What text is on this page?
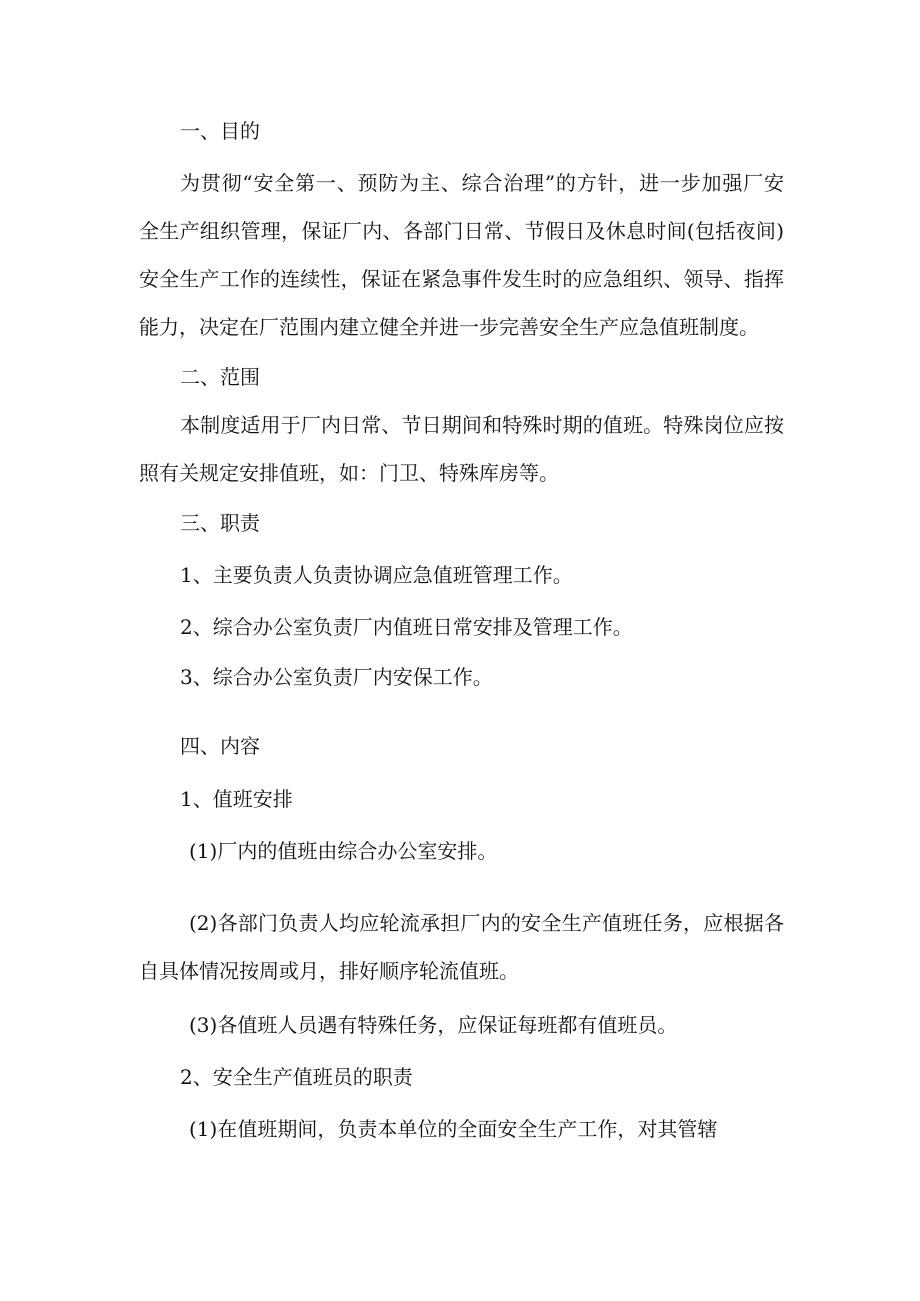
一、目的
为贯彻“安全第一、预防为主、综合治理”的方针，进一步加强厂安
全生产组织管理，保证厂内、各部门日常、节假日及休息时间(包括夜间)
安全生产工作的连续性，保证在紧急事件发生时的应急组织、领导、指挥
能力，决定在厂范围内建立健全并进一步完善安全生产应急值班制度。
二、范围
本制度适用于厂内日常、节日期间和特殊时期的值班。特殊岗位应按
照有关规定安排值班，如：门卫、特殊库房等。
三、职责
1、主要负责人负责协调应急值班管理工作。
2、综合办公室负责厂内值班日常安排及管理工作。
3、综合办公室负责厂内安保工作。
四、内容
1、值班安排
(1)厂内的值班由综合办公室安排。
(2)各部门负责人均应轮流承担厂内的安全生产值班任务，应根据各
自具体情况按周或月，排好顺序轮流值班。
(3)各值班人员遇有特殊任务，应保证每班都有值班员。
2、安全生产值班员的职责
(1)在值班期间，负责本单位的全面安全生产工作，对其管辖
